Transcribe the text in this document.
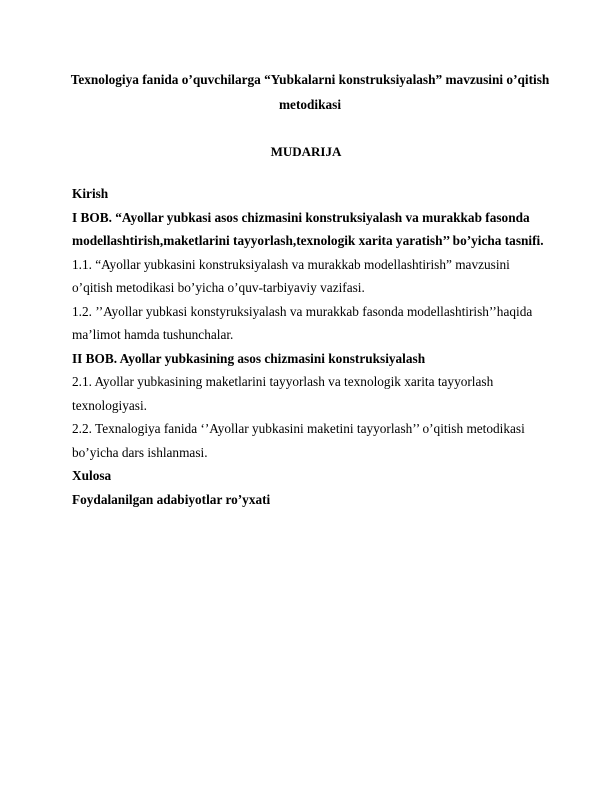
Texnologiya fanida o’quvchilarga “Yubkalarni konstruksiyalash” mavzusini o’qitish metodikasi
MUDARIJA

Kirish

I BOB. “Ayollar yubkasi asos chizmasini konstruksiyalash va murakkab fasonda modellashtirish,maketlarini tayyorlash,texnologik xarita yaratish’’ bo’yicha tasnifi.

1.1. “Ayollar yubkasini konstruksiyalash va murakkab modellashtirish” mavzusini o’qitish metodikasi bo’yicha o’quv-tarbiyaviy vazifasi.

1.2. ’’Ayollar yubkasi konstyruksiyalash va murakkab fasonda modellashtirish’’haqida ma’limot hamda tushunchalar.

II BOB. Ayollar yubkasining asos chizmasini konstruksiyalash

2.1. Ayollar yubkasining maketlarini tayyorlash va texnologik xarita tayyorlash texnologiyasi.

2.2. Texnalogiya fanida ‘’Ayollar yubkasini maketini tayyorlash’’ o’qitish metodikasi bo’yicha dars ishlanmasi.

Xulosa

Foydalanilgan adabiyotlar ro’yxati
